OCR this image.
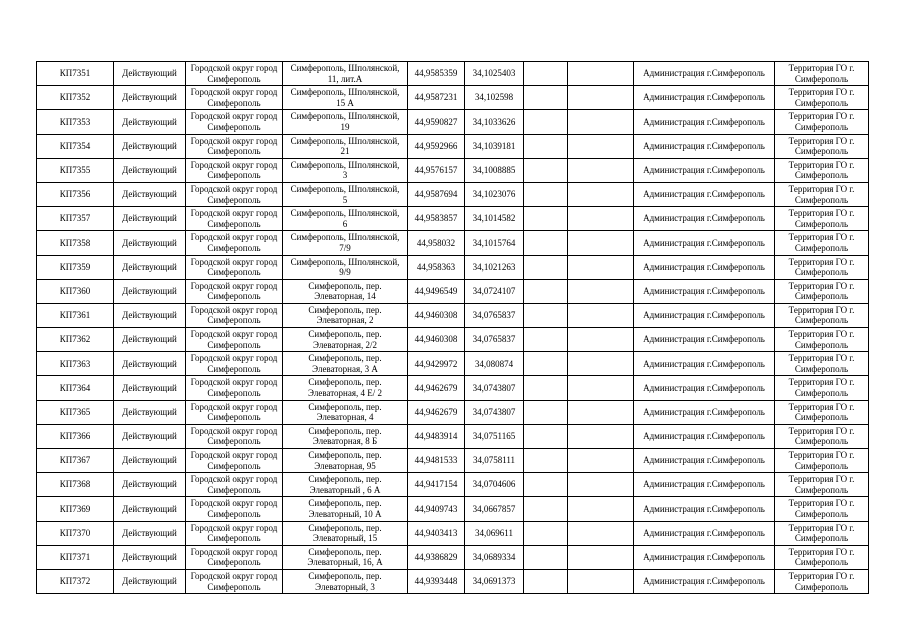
КП7351	Действующий	Городской округ город Симферополь	Симферополь, Шполянской,
11, лит.А	44,9585359	34,1025403			Администрация г.Симферополь	Территория ГО г. Симферополь
КП7352	Действующий	Городской округ город Симферополь	Симферополь, Шполянской,
15 А	44,9587231	34,102598			Администрация г.Симферополь	Территория ГО г. Симферополь
КП7353	Действующий	Городской округ город Симферополь	Симферополь, Шполянской,
19	44,9590827	34,1033626			Администрация г.Симферополь	Территория ГО г. Симферополь
КП7354	Действующий	Городской округ город Симферополь	Симферополь, Шполянской,
21	44,9592966	34,1039181			Администрация г.Симферополь	Территория ГО г. Симферополь
КП7355	Действующий	Городской округ город Симферополь	Симферополь, Шполянской,
3	44,9576157	34,1008885			Администрация г.Симферополь	Территория ГО г. Симферополь
КП7356	Действующий	Городской округ город Симферополь	Симферополь, Шполянской,
5	44,9587694	34,1023076			Администрация г.Симферополь	Территория ГО г. Симферополь
КП7357	Действующий	Городской округ город Симферополь	Симферополь, Шполянской,
6	44,9583857	34,1014582			Администрация г.Симферополь	Территория ГО г. Симферополь
КП7358	Действующий	Городской округ город Симферополь	Симферополь, Шполянской,
7/9	44,958032	34,1015764			Администрация г.Симферополь	Территория ГО г. Симферополь
КП7359	Действующий	Городской округ город Симферополь	Симферополь, Шполянской,
9/9	44,958363	34,1021263			Администрация г.Симферополь	Территория ГО г. Симферополь
КП7360	Действующий	Городской округ город Симферополь	Симферополь, пер.
Элеваторная, 14	44,9496549	34,0724107			Администрация г.Симферополь	Территория ГО г. Симферополь
КП7361	Действующий	Городской округ город Симферополь	Симферополь, пер.
Элеваторная, 2	44,9460308	34,0765837			Администрация г.Симферополь	Территория ГО г. Симферополь
КП7362	Действующий	Городской округ город Симферополь	Симферополь, пер.
Элеваторная, 2/2	44,9460308	34,0765837			Администрация г.Симферополь	Территория ГО г. Симферополь
КП7363	Действующий	Городской округ город Симферополь	Симферополь, пер.
Элеваторная, 3 А	44,9429972	34,080874			Администрация г.Симферополь	Территория ГО г. Симферополь
КП7364	Действующий	Городской округ город Симферополь	Симферополь, пер.
Элеваторная, 4 Е/ 2	44,9462679	34,0743807			Администрация г.Симферополь	Территория ГО г. Симферополь
КП7365	Действующий	Городской округ город Симферополь	Симферополь, пер.
Элеваторная, 4	44,9462679	34,0743807			Администрация г.Симферополь	Территория ГО г. Симферополь
КП7366	Действующий	Городской округ город Симферополь	Симферополь, пер.
Элеваторная, 8 Б	44,9483914	34,0751165			Администрация г.Симферополь	Территория ГО г. Симферополь
КП7367	Действующий	Городской округ город Симферополь	Симферополь, пер.
Элеваторная, 95	44,9481533	34,0758111			Администрация г.Симферополь	Территория ГО г. Симферополь
КП7368	Действующий	Городской округ город Симферополь	Симферополь, пер.
Элеваторный , 6 А	44,9417154	34,0704606			Администрация г.Симферополь	Территория ГО г. Симферополь
КП7369	Действующий	Городской округ город Симферополь	Симферополь, пер.
Элеваторный, 10 А	44,9409743	34,0667857			Администрация г.Симферополь	Территория ГО г. Симферополь
КП7370	Действующий	Городской округ город Симферополь	Симферополь, пер.
Элеваторный, 15	44,9403413	34,069611			Администрация г.Симферополь	Территория ГО г. Симферополь
КП7371	Действующий	Городской округ город Симферополь	Симферополь, пер.
Элеваторный, 16, А	44,9386829	34,0689334			Администрация г.Симферополь	Территория ГО г. Симферополь
КП7372	Действующий	Городской округ город Симферополь	Симферополь, пер.
Элеваторный, 3	44,9393448	34,0691373			Администрация г.Симферополь	Территория ГО г. Симферополь
